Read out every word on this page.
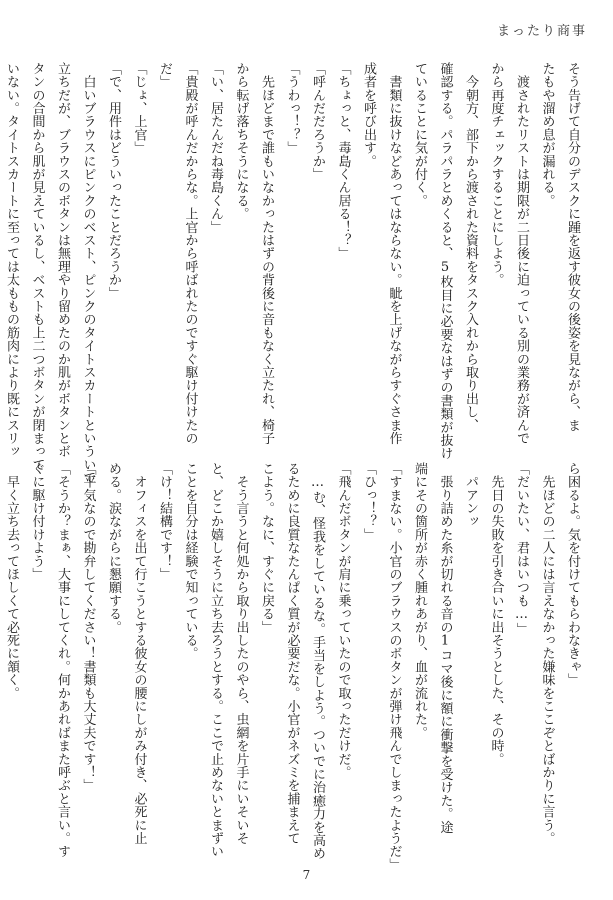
まったり商事
そう告げて自分のデスクに踵を返す彼女の後姿を見ながら、ま
たもや溜め息が漏れる。
　渡されたリストは期限が二日後に迫っている別の業務が済んで
から再度チェックすることにしよう。
　今朝方、部下から渡された資料をタスク入れから取り出し、
確認する。パラパラとめくると、5枚目に必要なはずの書類が抜け
ていることに気が付く。
　書類に抜けなどあってはならない。眦を上げながらすぐさま作
成者を呼び出す。
「ちょっと、毒島くん居る！？」
「呼んだだろうか」
「うわっ！？」
　先ほどまで誰もいなかったはずの背後に音もなく立たれ、椅子
から転げ落ちそうになる。
「い、居たんだね毒島くん」
「貴殿が呼んだからな。上官から呼ばれたのですぐ駆け付けたの
だ」
「じょ、上官」
「で、用件はどういったことだろうか」
　白いブラウスにピンクのベスト、ピンクのタイトスカートといういで
立ちだが、ブラウスのボタンは無理やり留めたのか肌がボタンとボ
タンの合間から肌が見えているし、ベストも上二つボタンが閉まって
いない。タイトスカートに至っては太ももの筋肉により既にスリッ
ら困るよ。気を付けてもらわなきゃ」
　先ほどの二人には言えなかった嫌味をここぞとばかりに言う。
「だいたい、君はいつも…」
　先日の失敗を引き合いに出そうとした、その時。
　パアンッ
　張り詰めた糸が切れる音の1コマ後に額に衝撃を受けた。途
端にその箇所が赤く腫れあがり、血が流れた。
「すまない。小官のブラウスのボタンが弾け飛んでしまったようだ」
「ひっ！？」
「飛んだボタンが肩に乗っていたので取っただけだ。
　…む、怪我をしているな。手当をしよう。ついでに治癒力を高め
るために良質なたんぱく質が必要だな。小官がネズミを捕まえて
こよう。なに、すぐに戻る」
　そう言うと何処から取り出したのやら、虫網を片手にいそいそ
と、どこか嬉しそうに立ち去ろうとする。ここで止めないとまずい
ことを自分は経験で知っている。
「け！結構です！」
　オフィスを出て行こうとする彼女の腰にしがみ付き、必死に止
める。涙ながらに懇願する。
「平気なので勘弁してください！書類も大丈夫です！」
「そうか？まぁ、大事にしてくれ。何かあればまた呼ぶと言い。す
ぐに駆け付けよう」
　早く立ち去ってほしくて必死に頷く。
7
